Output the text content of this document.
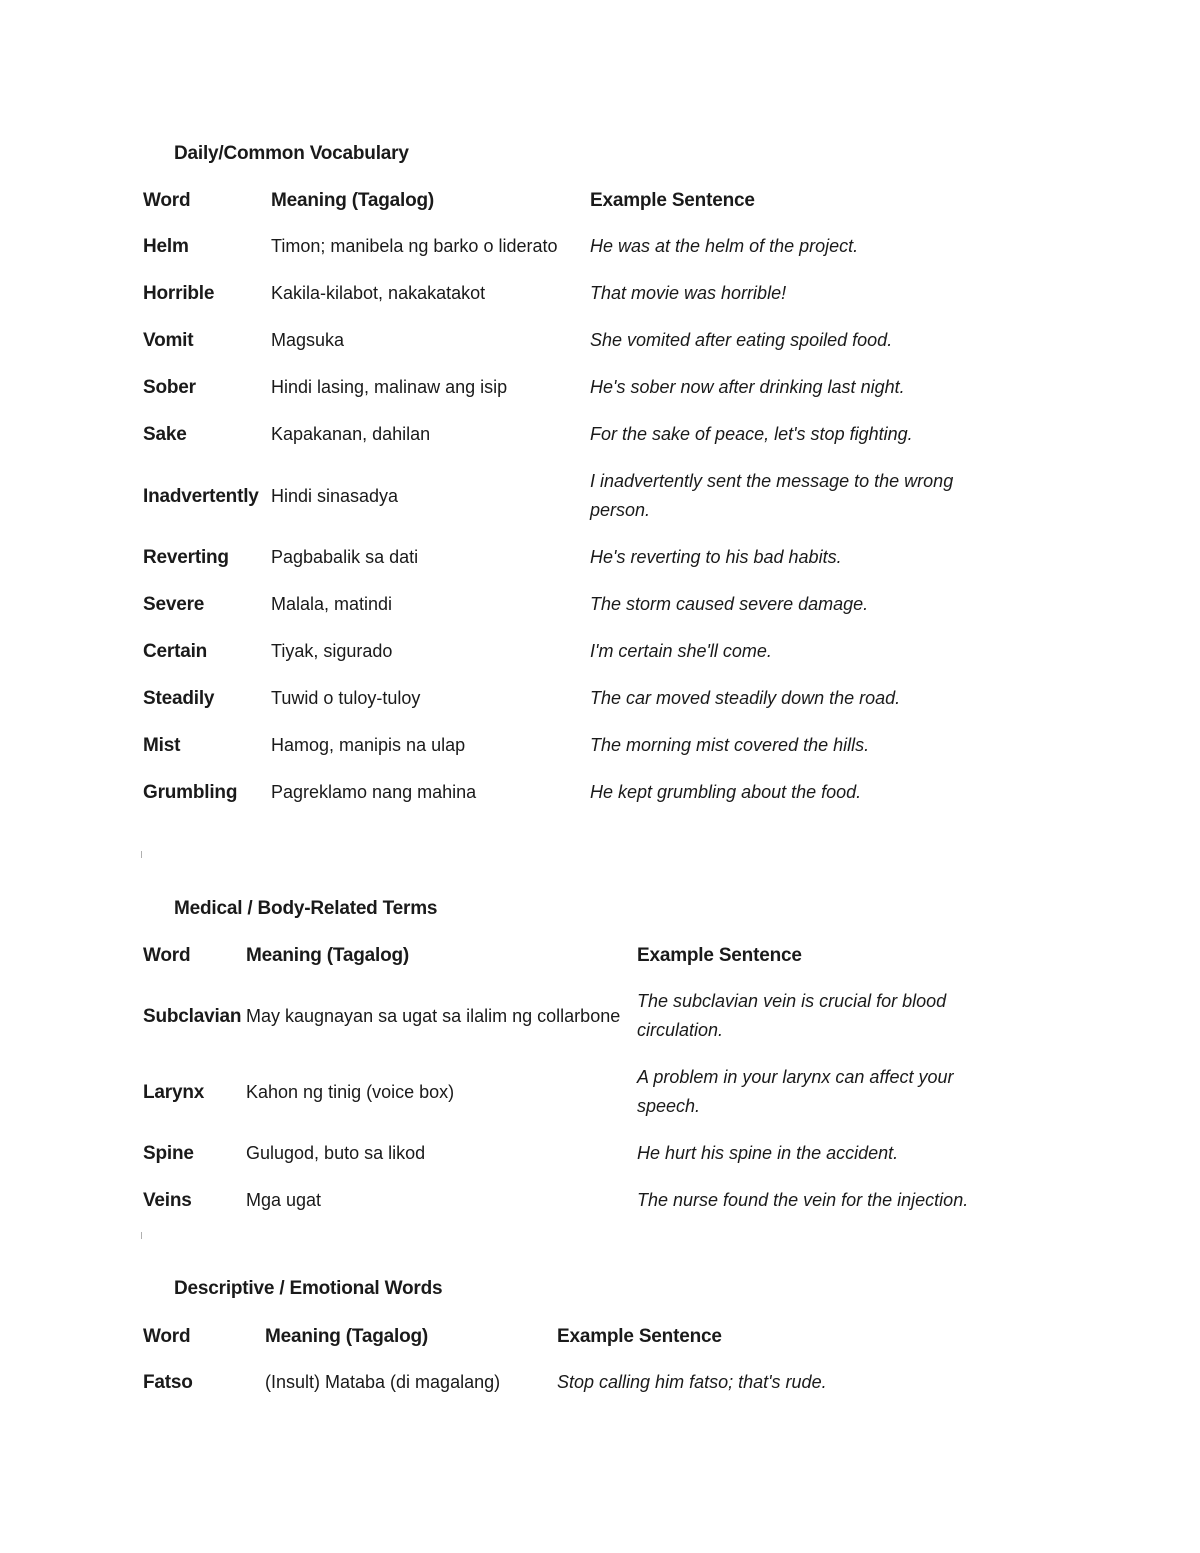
Daily/Common Vocabulary
Word	Meaning (Tagalog)	Example Sentence
Helm	Timon; manibela ng barko o liderato	He was at the helm of the project.
Horrible	Kakila-kilabot, nakakatakot	That movie was horrible!
Vomit	Magsuka	She vomited after eating spoiled food.
Sober	Hindi lasing, malinaw ang isip	He's sober now after drinking last night.
Sake	Kapakanan, dahilan	For the sake of peace, let's stop fighting.
Inadvertently	Hindi sinasadya	I inadvertently sent the message to the wrong person.
Reverting	Pagbabalik sa dati	He's reverting to his bad habits.
Severe	Malala, matindi	The storm caused severe damage.
Certain	Tiyak, sigurado	I'm certain she'll come.
Steadily	Tuwid o tuloy-tuloy	The car moved steadily down the road.
Mist	Hamog, manipis na ulap	The morning mist covered the hills.
Grumbling	Pagreklamo nang mahina	He kept grumbling about the food.
Medical / Body-Related Terms
Word	Meaning (Tagalog)	Example Sentence
Subclavian	May kaugnayan sa ugat sa ilalim ng collarbone	The subclavian vein is crucial for blood circulation.
Larynx	Kahon ng tinig (voice box)	A problem in your larynx can affect your speech.
Spine	Gulugod, buto sa likod	He hurt his spine in the accident.
Veins	Mga ugat	The nurse found the vein for the injection.
Descriptive / Emotional Words
Word	Meaning (Tagalog)	Example Sentence
Fatso	(Insult) Mataba (di magalang)	Stop calling him fatso; that's rude.
